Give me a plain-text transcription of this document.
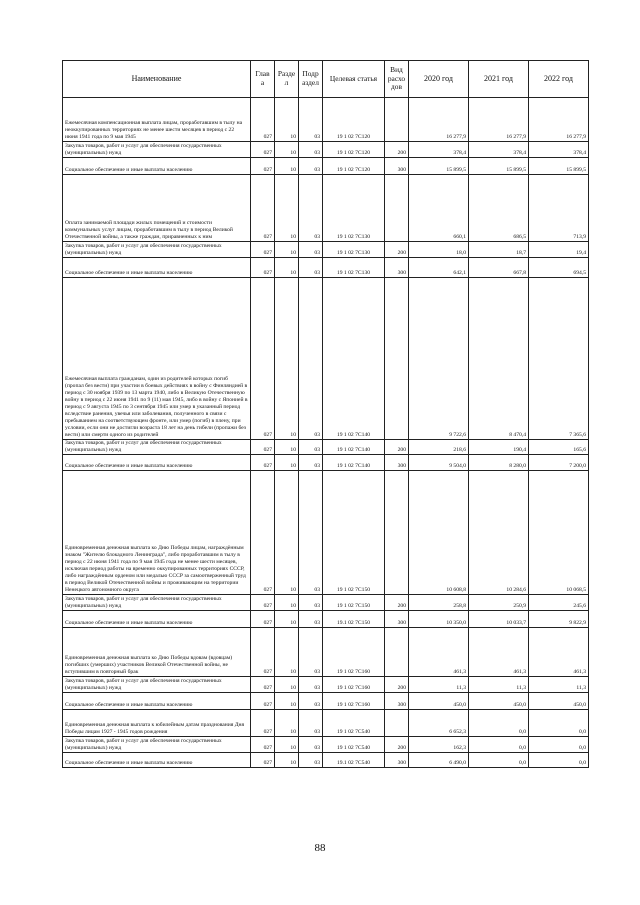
Наименование	Глав а	Разде л	Подр аздел	Целевая статья	Вид расхо дов	2020 год	2021 год	2022 год
Ежемесячная компенсационная выплата лицам, проработавшим в тылу на неоккупированных территориях не менее шести месяцев в период с 22 июня 1941 года по 9 мая 1945	027	10	03	19 1 02 7С120		16 277,9	16 277,9	16 277,9
Закупка товаров, работ и услуг для обеспечения государственных (муниципальных) нужд	027	10	03	19 1 02 7С120	200	378,4	378,4	378,4
Социальное обеспечение и иные выплаты населению	027	10	03	19 1 02 7С120	300	15 899,5	15 899,5	15 899,5
Оплата занимаемой площади жилых помещений и стоимости коммунальных услуг лицам, проработавшим в тылу в период Великой Отечественной войны, а также граждан, приравненных к ним	027	10	03	19 1 02 7С130		660,1	686,5	713,9
Закупка товаров, работ и услуг для обеспечения государственных (муниципальных) нужд	027	10	03	19 1 02 7С130	200	18,0	18,7	19,4
Социальное обеспечение и иные выплаты населению	027	10	03	19 1 02 7С130	300	642,1	667,8	694,5
Ежемесячная выплата гражданам, один из родителей которых погиб (пропал без вести) при участии в боевых действиях в войну с Финляндией в период с 30 ноября 1939 по 13 марта 1940, либо в Великую Отечественную войну в период с 22 июня 1941 по 9 (11) мая 1945, либо в войну с Японией в период с 9 августа 1945 по 3 сентября 1945 или умер в указанный период вследствие ранения, увечья или заболевания, полученного в связи с пребыванием на соответствующем фронте, или умер (погиб) в плену, при условии, если они не достигли возраста 18 лет на день гибели (пропажи без вести) или смерти одного из родителей	027	10	03	19 1 02 7С140		9 722,6	8 470,4	7 365,6
Закупка товаров, работ и услуг для обеспечения государственных (муниципальных) нужд	027	10	03	19 1 02 7С140	200	218,6	190,4	165,6
Социальное обеспечение и иные выплаты населению	027	10	03	19 1 02 7С140	300	9 504,0	8 280,0	7 200,0
Единовременная денежная выплата ко Дню Победы лицам, награждённым знаком "Жителю блокадного Ленинграда", либо проработавшим в тылу в период с 22 июня 1941 года по 9 мая 1945 года не менее шести месяцев, исключая период работы на временно оккупированных территориях СССР, либо награждённым орденом или медалью СССР за самоотверженный труд в период Великой Отечественной войны и проживающим на территории Ненецкого автономного округа	027	10	03	19 1 02 7С150		10 608,8	10 284,6	10 068,5
Закупка товаров, работ и услуг для обеспечения государственных (муниципальных) нужд	027	10	03	19 1 02 7С150	200	258,8	250,9	245,6
Социальное обеспечение и иные выплаты населению	027	10	03	19.1 02 7С150	300	10 350,0	10 033,7	9 822,9
Единовременная денежная выплата ко Дню Победы вдовам (вдовцам) погибших (умерших) участников Великой Отечественной войны, не вступившим в повторный брак	027	10	03	19 1 02 7С160		461,3	461,3	461,3
Закупка товаров, работ и услуг для обеспечения государственных (муниципальных) нужд	027	10	03	19 1 02 7С160	200	11,3	11,3	11,3
Социальное обеспечение и иные выплаты населению	027	10	03	19 1 02 7С160	300	450,0	450,0	450,0
Единовременная денежная выплата к юбилейным датам празднования Дня Победы лицам 1927 - 1945 годов рождения	027	10	03	19 1 02 7С540		6 652,3	0,0	0,0
Закупка товаров, работ и услуг для обеспечения государственных (муниципальных) нужд	027	10	03	19 1 02 7С540	200	162,3	0,0	0,0
Социальное обеспечение и иные выплаты населению	027	10	03	19.1 02 7С540	300	6 490,0	0,0	0,0
88
